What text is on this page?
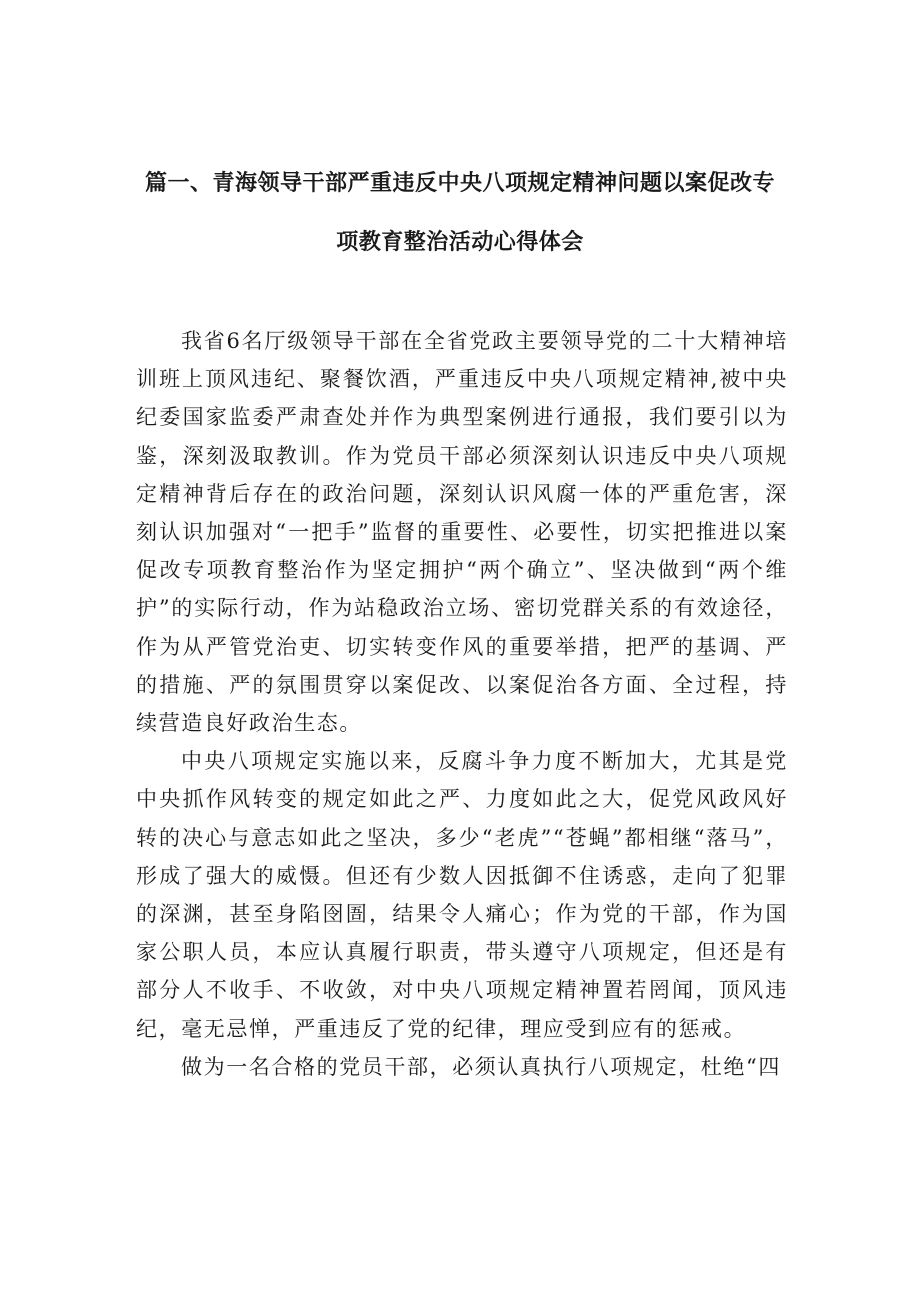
篇一、青海领导干部严重违反中央八项规定精神问题以案促改专
项教育整治活动心得体会

我省6名厅级领导干部在全省党政主要领导党的二十大精神培训班上顶风违纪、聚餐饮酒，严重违反中央八项规定精神,被中央纪委国家监委严肃查处并作为典型案例进行通报，我们要引以为鉴，深刻汲取教训。作为党员干部必须深刻认识违反中央八项规定精神背后存在的政治问题，深刻认识风腐一体的严重危害，深刻认识加强对“一把手”监督的重要性、必要性，切实把推进以案促改专项教育整治作为坚定拥护“两个确立”、坚决做到“两个维护”的实际行动，作为站稳政治立场、密切党群关系的有效途径，作为从严管党治吏、切实转变作风的重要举措，把严的基调、严的措施、严的氛围贯穿以案促改、以案促治各方面、全过程，持续营造良好政治生态。

中央八项规定实施以来，反腐斗争力度不断加大，尤其是党中央抓作风转变的规定如此之严、力度如此之大，促党风政风好转的决心与意志如此之坚决，多少“老虎”“苍蝇”都相继“落马”，形成了强大的威慑。但还有少数人因抵御不住诱惑，走向了犯罪的深渊，甚至身陷囹圄，结果令人痛心；作为党的干部，作为国家公职人员，本应认真履行职责，带头遵守八项规定，但还是有部分人不收手、不收敛，对中央八项规定精神置若罔闻，顶风违纪，毫无忌惮，严重违反了党的纪律，理应受到应有的惩戒。

做为一名合格的党员干部，必须认真执行八项规定，杜绝“四
